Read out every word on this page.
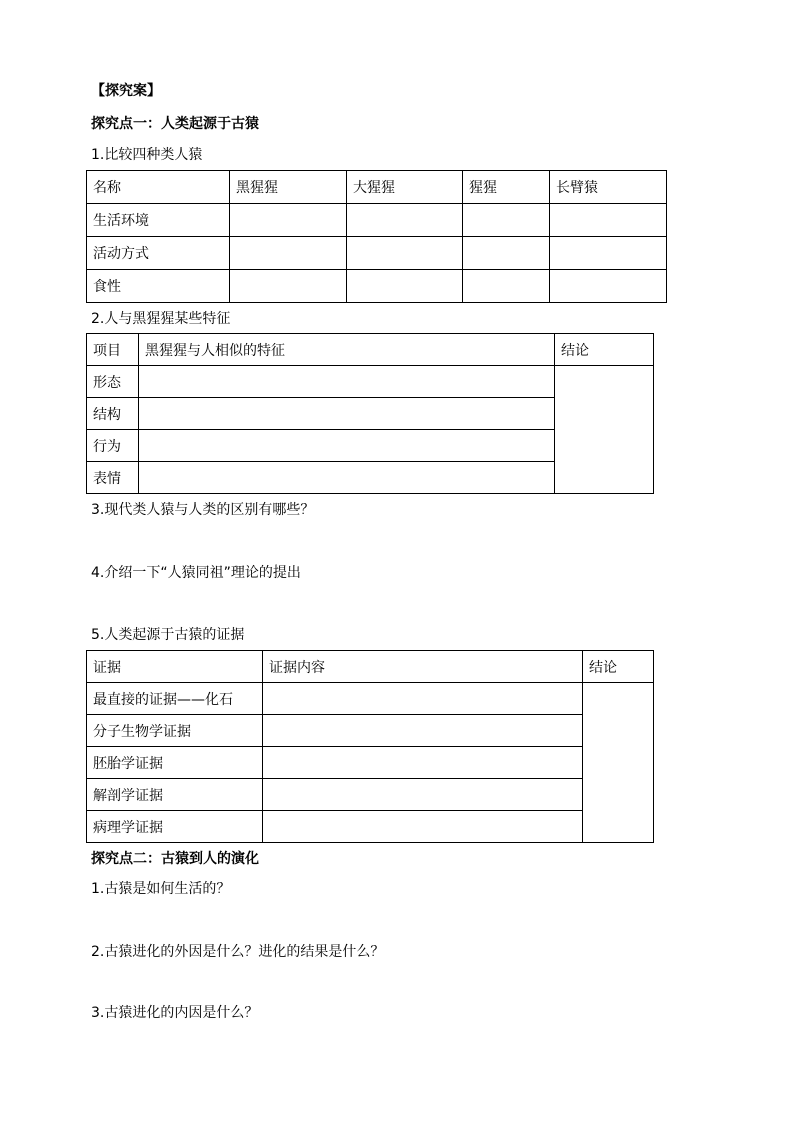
【探究案】
探究点一：人类起源于古猿
1.比较四种类人猿
名称	黑猩猩	大猩猩	猩猩	长臂猿
生活环境				
活动方式				
食性				
2.人与黑猩猩某些特征
项目	黑猩猩与人相似的特征	结论
形态		
结构		
行为		
表情		
3.现代类人猿与人类的区别有哪些？
4.介绍一下“人猿同祖”理论的提出
5.人类起源于古猿的证据
证据	证据内容	结论
最直接的证据——化石		
分子生物学证据		
胚胎学证据		
解剖学证据		
病理学证据		
探究点二：古猿到人的演化
1.古猿是如何生活的？
2.古猿进化的外因是什么？进化的结果是什么？
3.古猿进化的内因是什么？
